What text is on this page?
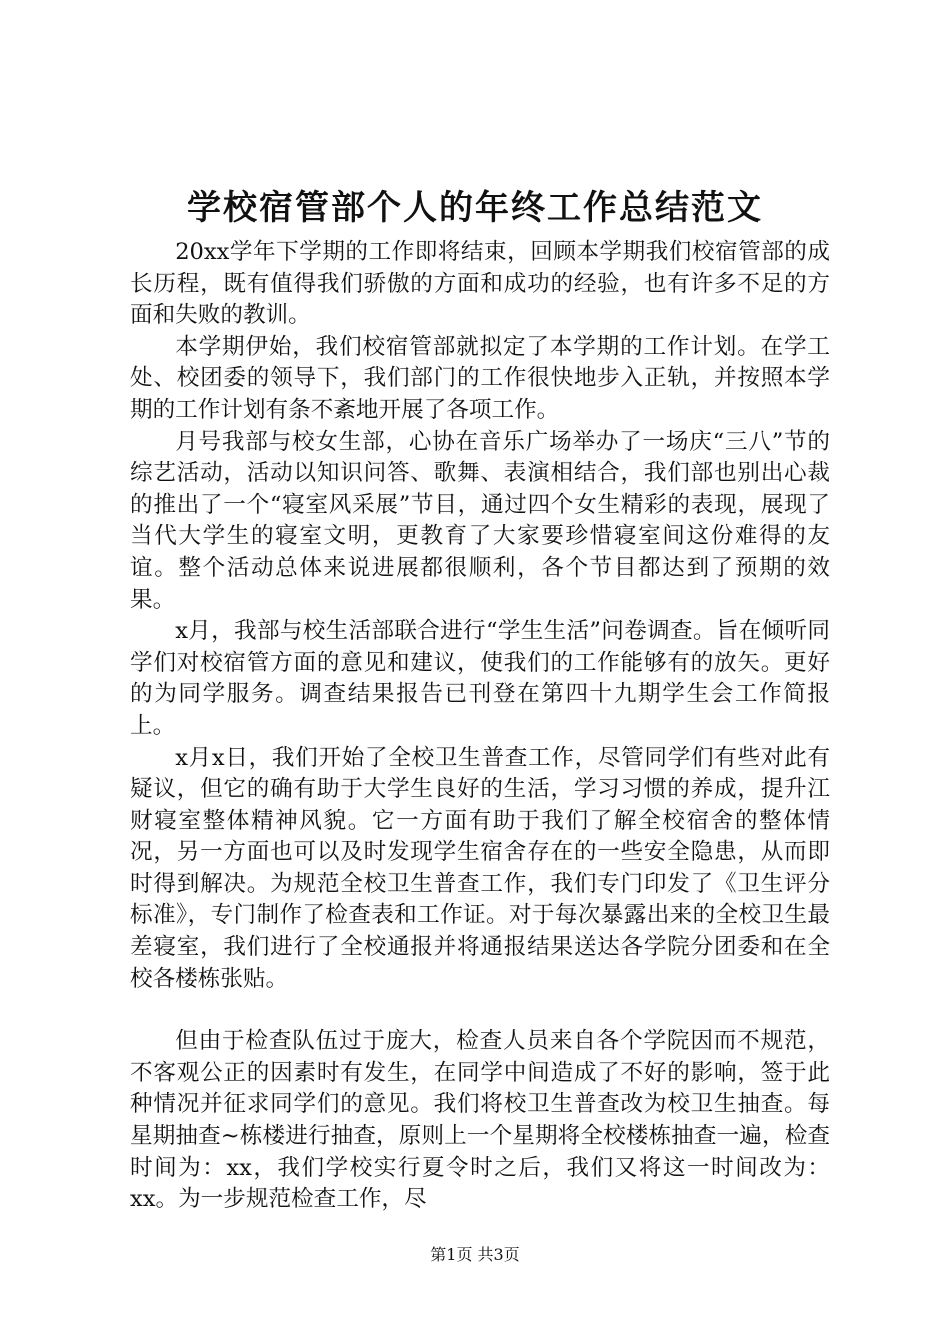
学校宿管部个人的年终工作总结范文

20xx学年下学期的工作即将结束，回顾本学期我们校宿管部的成长历程，既有值得我们骄傲的方面和成功的经验，也有许多不足的方面和失败的教训。

本学期伊始，我们校宿管部就拟定了本学期的工作计划。在学工处、校团委的领导下，我们部门的工作很快地步入正轨，并按照本学期的工作计划有条不紊地开展了各项工作。

月号我部与校女生部，心协在音乐广场举办了一场庆“三八”节的综艺活动，活动以知识问答、歌舞、表演相结合，我们部也别出心裁的推出了一个“寝室风采展”节目，通过四个女生精彩的表现，展现了当代大学生的寝室文明，更教育了大家要珍惜寝室间这份难得的友谊。整个活动总体来说进展都很顺利，各个节目都达到了预期的效果。

x月，我部与校生活部联合进行“学生生活”问卷调查。旨在倾听同学们对校宿管方面的意见和建议，使我们的工作能够有的放矢。更好的为同学服务。调查结果报告已刊登在第四十九期学生会工作简报上。

x月x日，我们开始了全校卫生普查工作，尽管同学们有些对此有疑议，但它的确有助于大学生良好的生活，学习习惯的养成，提升江财寝室整体精神风貌。它一方面有助于我们了解全校宿舍的整体情况，另一方面也可以及时发现学生宿舍存在的一些安全隐患，从而即时得到解决。为规范全校卫生普查工作，我们专门印发了《卫生评分标准》，专门制作了检查表和工作证。对于每次暴露出来的全校卫生最差寝室，我们进行了全校通报并将通报结果送达各学院分团委和在全校各楼栋张贴。

但由于检查队伍过于庞大，检查人员来自各个学院因而不规范，不客观公正的因素时有发生，在同学中间造成了不好的影响，签于此种情况并征求同学们的意见。我们将校卫生普查改为校卫生抽查。每星期抽查~栋楼进行抽查，原则上一个星期将全校楼栋抽查一遍，检查时间为：xx，我们学校实行夏令时之后，我们又将这一时间改为：xx。为一步规范检查工作，尽

第1页 共3页
